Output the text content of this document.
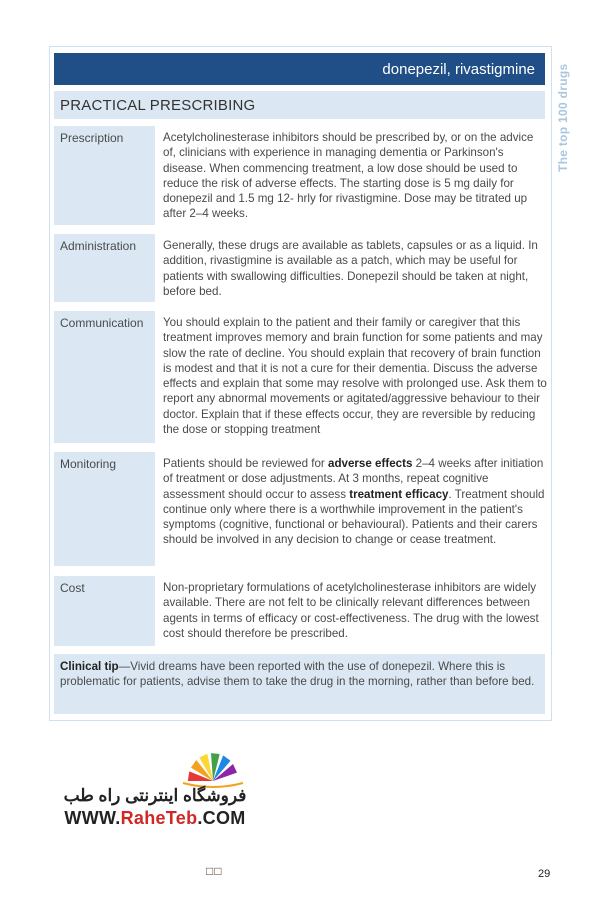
donepezil, rivastigmine
PRACTICAL PRESCRIBING	The top 100 drugs
Prescription	Acetylcholinesterase inhibitors should be prescribed by, or on the advice of, clinicians with experience in managing dementia or Parkinson's disease. When commencing treatment, a low dose should be used to reduce the risk of adverse effects. The starting dose is 5 mg daily for donepezil and 1.5 mg 12- hrly for rivastigmine. Dose may be titrated up after 2–4 weeks.
Administration	Generally, these drugs are available as tablets, capsules or as a liquid. In addition, rivastigmine is available as a patch, which may be useful for patients with swallowing difficulties. Donepezil should be taken at night, before bed.
Communication	You should explain to the patient and their family or caregiver that this treatment improves memory and brain function for some patients and may slow the rate of decline. You should explain that recovery of brain function is modest and that it is not a cure for their dementia. Discuss the adverse effects and explain that some may resolve with prolonged use. Ask them to report any abnormal movements or agitated/aggressive behaviour to their doctor. Explain that if these effects occur, they are reversible by reducing the dose or stopping treatment
Monitoring	Patients should be reviewed for adverse effects 2–4 weeks after initiation of treatment or dose adjustments. At 3 months, repeat cognitive assessment should occur to assess treatment efficacy. Treatment should continue only where there is a worthwhile improvement in the patient's symptoms (cognitive, functional or behavioural). Patients and their carers should be involved in any decision to change or cease treatment.
Cost	Non-proprietary formulations of acetylcholinesterase inhibitors are widely available. There are not felt to be clinically relevant differences between agents in terms of efficacy or cost-effectiveness. The drug with the lowest cost should therefore be prescribed.
Clinical tip—Vivid dreams have been reported with the use of donepezil. Where this is problematic for patients, advise them to take the drug in the morning, rather than before bed.
فروشگاه اینترنتی راه طب
WWW.RaheTeb.COM
□□	29
